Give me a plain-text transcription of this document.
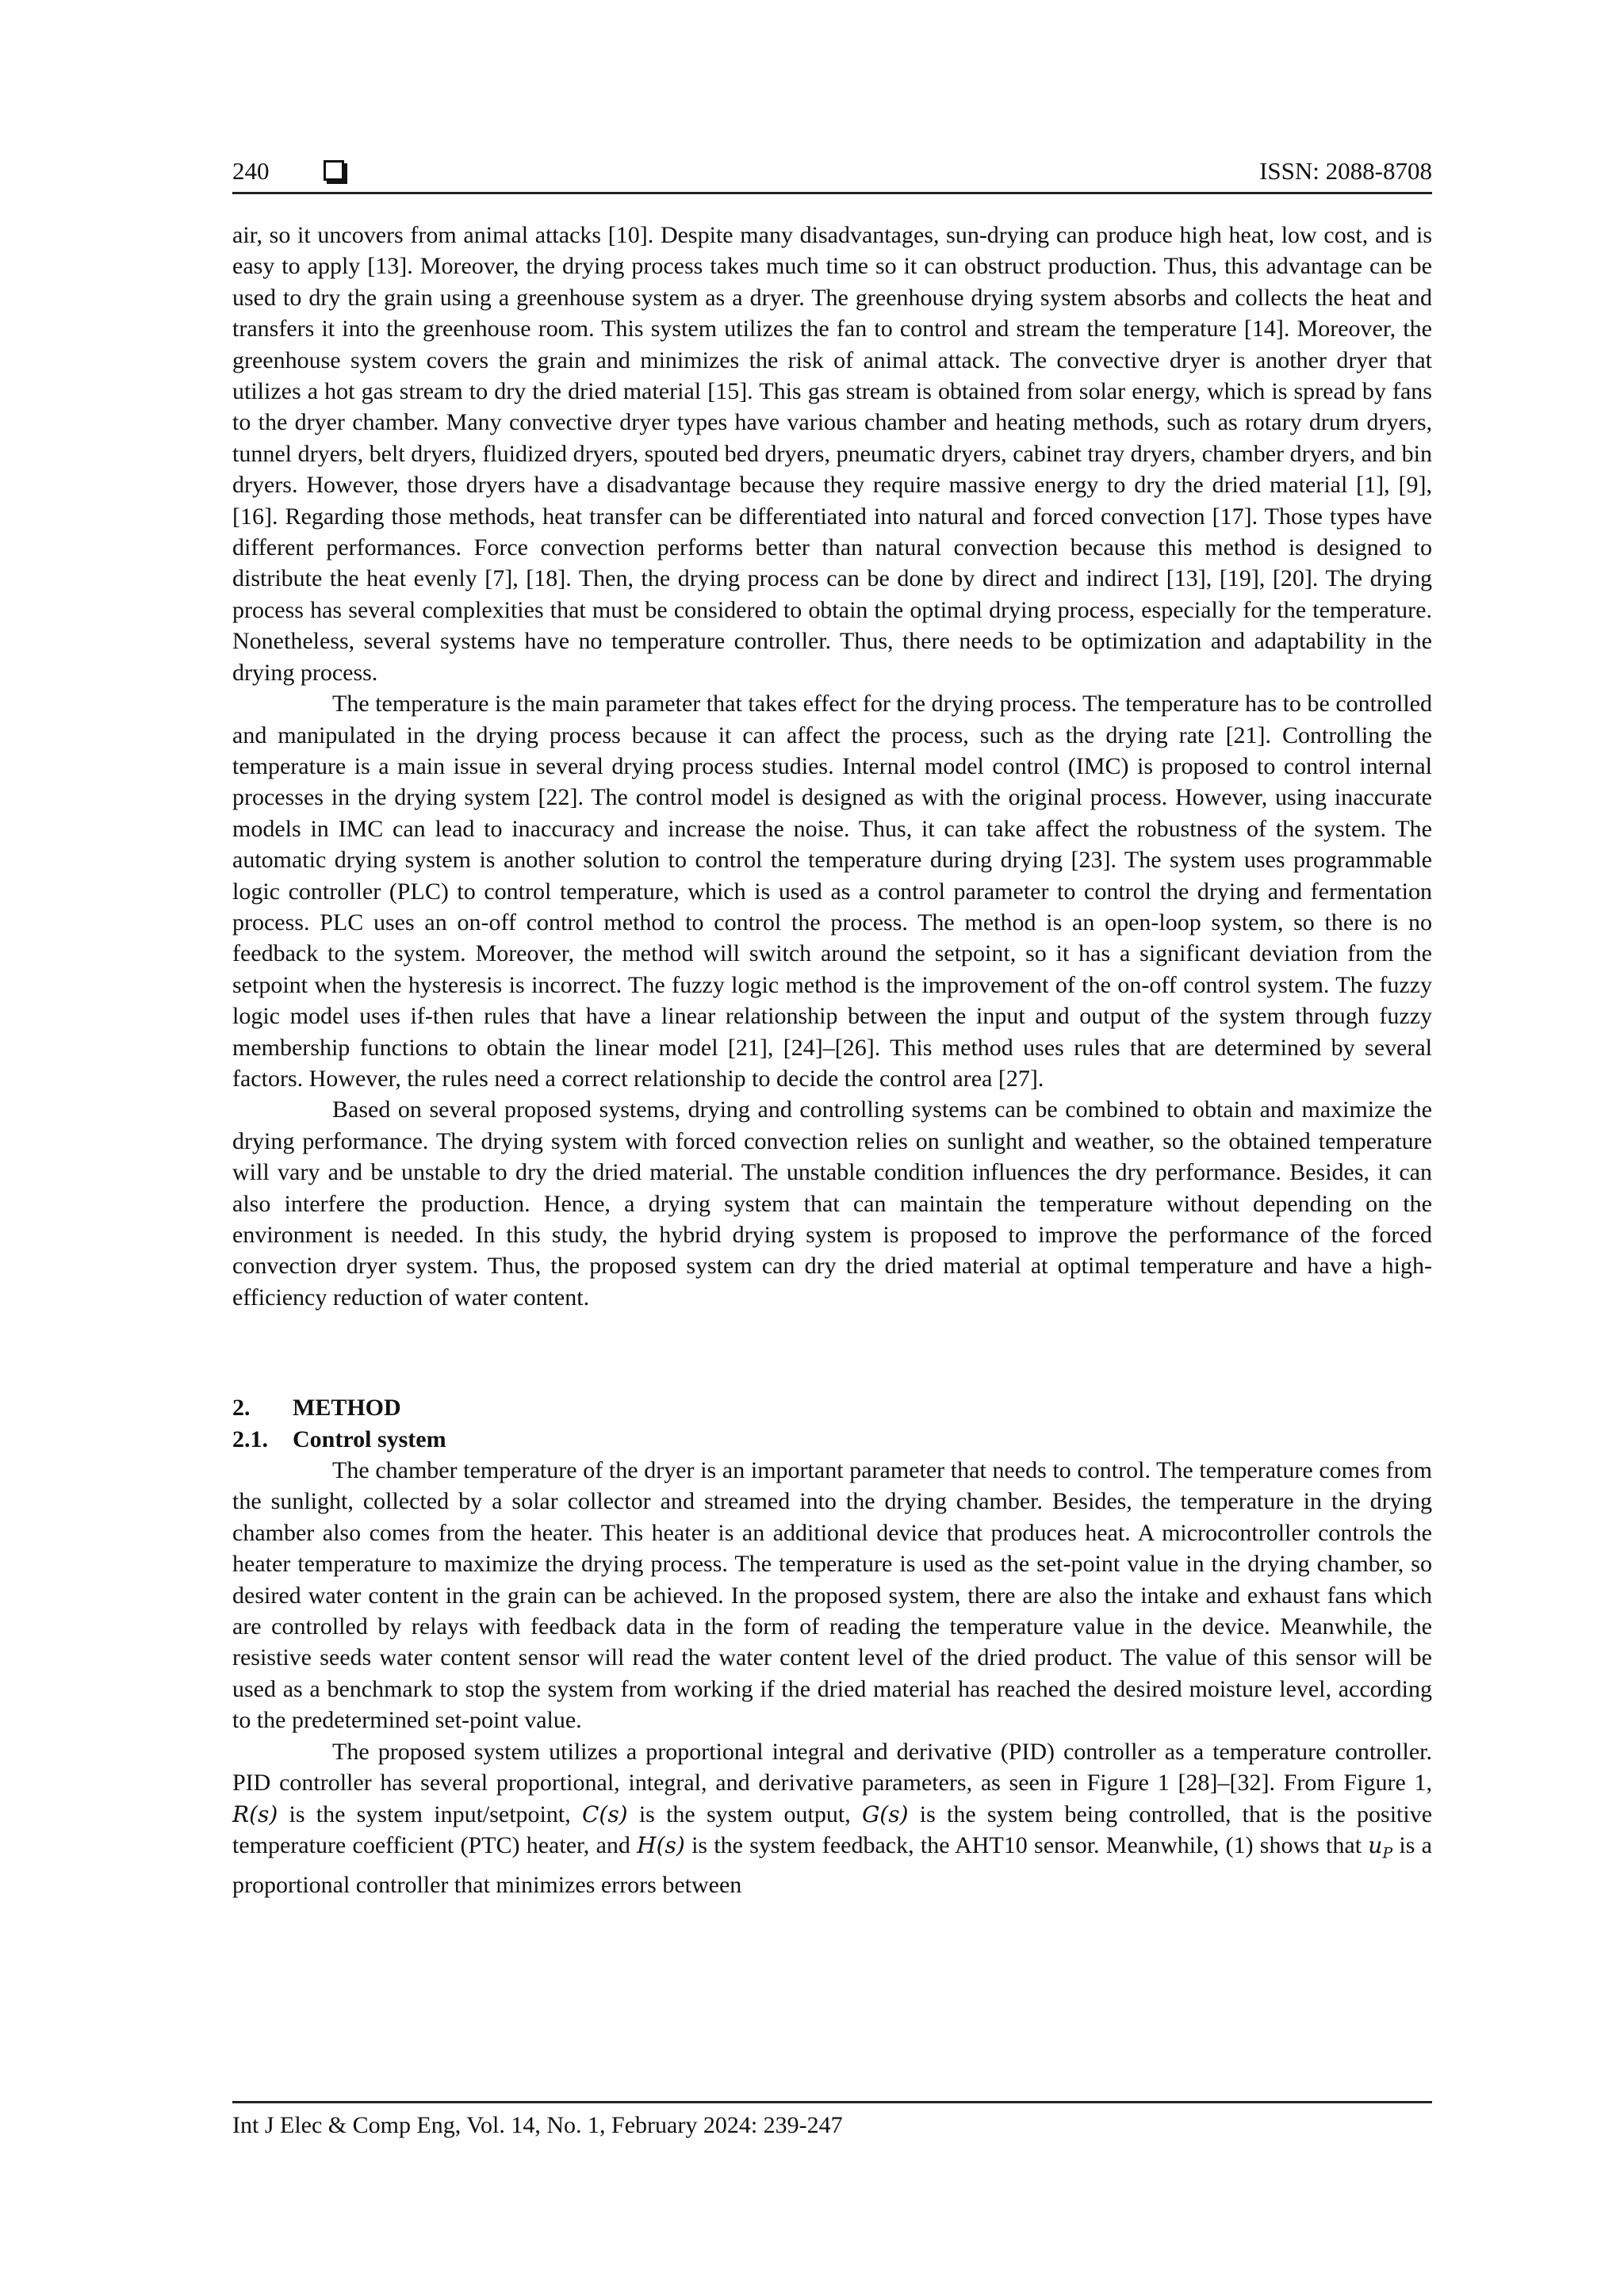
240	ISSN: 2088-8708

air, so it uncovers from animal attacks [10]. Despite many disadvantages, sun-drying can produce high heat, low cost, and is easy to apply [13]. Moreover, the drying process takes much time so it can obstruct production. Thus, this advantage can be used to dry the grain using a greenhouse system as a dryer. The greenhouse drying system absorbs and collects the heat and transfers it into the greenhouse room. This system utilizes the fan to control and stream the temperature [14]. Moreover, the greenhouse system covers the grain and minimizes the risk of animal attack. The convective dryer is another dryer that utilizes a hot gas stream to dry the dried material [15]. This gas stream is obtained from solar energy, which is spread by fans to the dryer chamber. Many convective dryer types have various chamber and heating methods, such as rotary drum dryers, tunnel dryers, belt dryers, fluidized dryers, spouted bed dryers, pneumatic dryers, cabinet tray dryers, chamber dryers, and bin dryers. However, those dryers have a disadvantage because they require massive energy to dry the dried material [1], [9], [16]. Regarding those methods, heat transfer can be differentiated into natural and forced convection [17]. Those types have different performances. Force convection performs better than natural convection because this method is designed to distribute the heat evenly [7], [18]. Then, the drying process can be done by direct and indirect [13], [19], [20]. The drying process has several complexities that must be considered to obtain the optimal drying process, especially for the temperature. Nonetheless, several systems have no temperature controller. Thus, there needs to be optimization and adaptability in the drying process.

The temperature is the main parameter that takes effect for the drying process. The temperature has to be controlled and manipulated in the drying process because it can affect the process, such as the drying rate [21]. Controlling the temperature is a main issue in several drying process studies. Internal model control (IMC) is proposed to control internal processes in the drying system [22]. The control model is designed as with the original process. However, using inaccurate models in IMC can lead to inaccuracy and increase the noise. Thus, it can take affect the robustness of the system. The automatic drying system is another solution to control the temperature during drying [23]. The system uses programmable logic controller (PLC) to control temperature, which is used as a control parameter to control the drying and fermentation process. PLC uses an on-off control method to control the process. The method is an open-loop system, so there is no feedback to the system. Moreover, the method will switch around the setpoint, so it has a significant deviation from the setpoint when the hysteresis is incorrect. The fuzzy logic method is the improvement of the on-off control system. The fuzzy logic model uses if-then rules that have a linear relationship between the input and output of the system through fuzzy membership functions to obtain the linear model [21], [24]–[26]. This method uses rules that are determined by several factors. However, the rules need a correct relationship to decide the control area [27].

Based on several proposed systems, drying and controlling systems can be combined to obtain and maximize the drying performance. The drying system with forced convection relies on sunlight and weather, so the obtained temperature will vary and be unstable to dry the dried material. The unstable condition influences the dry performance. Besides, it can also interfere the production. Hence, a drying system that can maintain the temperature without depending on the environment is needed. In this study, the hybrid drying system is proposed to improve the performance of the forced convection dryer system. Thus, the proposed system can dry the dried material at optimal temperature and have a high-efficiency reduction of water content.

2.	METHOD
2.1.	Control system

The chamber temperature of the dryer is an important parameter that needs to control. The temperature comes from the sunlight, collected by a solar collector and streamed into the drying chamber. Besides, the temperature in the drying chamber also comes from the heater. This heater is an additional device that produces heat. A microcontroller controls the heater temperature to maximize the drying process. The temperature is used as the set-point value in the drying chamber, so desired water content in the grain can be achieved. In the proposed system, there are also the intake and exhaust fans which are controlled by relays with feedback data in the form of reading the temperature value in the device. Meanwhile, the resistive seeds water content sensor will read the water content level of the dried product. The value of this sensor will be used as a benchmark to stop the system from working if the dried material has reached the desired moisture level, according to the predetermined set-point value.

The proposed system utilizes a proportional integral and derivative (PID) controller as a temperature controller. PID controller has several proportional, integral, and derivative parameters, as seen in Figure 1 [28]–[32]. From Figure 1, R(s) is the system input/setpoint, C(s) is the system output, G(s) is the system being controlled, that is the positive temperature coefficient (PTC) heater, and H(s) is the system feedback, the AHT10 sensor. Meanwhile, (1) shows that $u_P$ is a proportional controller that minimizes errors between

Int J Elec & Comp Eng, Vol. 14, No. 1, February 2024: 239-247
